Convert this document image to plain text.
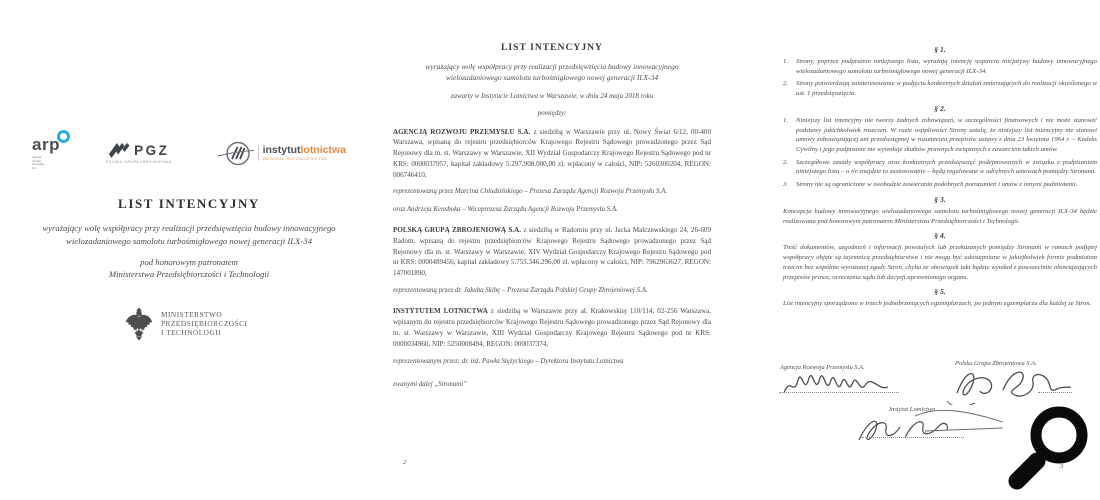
arp
agencja
rozwoju
przemysłu
S.A.
PGZ
POLSKA GRUPA ZBROJENIOWA
instytutlotnictwa
WARSZAWA, ROK ZAŁOŻENIA 1926
LIST INTENCYJNY
wyrażający wolę współpracy przy realizacji przedsięwzięcia budowy innowacyjnego wielozadaniowego samolotu turbośmigłowego nowej generacji ILX-34
pod honorowym patronatem
Ministerstwa Przedsiębiorczości i Technologii
MINISTERSTWO
PRZEDSIĘBIORCZOŚCI
I TECHNOLOGII
LIST INTENCYJNY
wyrażający wolę współpracy przy realizacji przedsięwzięcia budowy innowacyjnego wielozadaniowego samolotu turbośmigłowego nowej generacji ILX-34
zawarty w Instytucie Lotnictwa w Warszawie, w dniu 24 maja 2018 roku
pomiędzy:

AGENCJĄ ROZWOJU PRZEMYSŁU S.A. z siedzibą w Warszawie przy ul. Nowy Świat 6/12, 00-400 Warszawa, wpisaną do rejestru przedsiębiorców Krajowego Rejestru Sądowego prowadzonego przez Sąd Rejonowy dla m. st. Warszawy w Warszawie, XII Wydział Gospodarczy Krajowego Rejestru Sądowego pod nr KRS: 0000037957, kapitał zakładowy 5.297.908.000,00 zł, wpłacony w całości, NIP: 5260300204, REGON: 006746410,

reprezentowaną przez Marcina Chludzińskiego – Prezesa Zarządu Agencji Rozwoju Przemysłu S.A.

oraz Andrzeja Kensboka – Wiceprezesa Zarządu Agencji Rozwoju Przemysłu S.A.

POLSKĄ GRUPĄ ZBROJENIOWĄ S.A. z siedzibą w Radomiu przy ul. Jacka Malczewskiego 24, 26-609 Radom, wpisaną do rejestru przedsiębiorców Krajowego Rejestru Sądowego prowadzonego przez Sąd Rejonowy dla m. st. Warszawy w Warszawie, XIV Wydział Gospodarczy Krajowego Rejestru Sądowego pod nr KRS: 0000489456, kapitał zakładowy 5.755.346.296,00 zł, wpłacony w całości, NIP: 7962963627, REGON: 147001890,

reprezentowaną przez dr. Jakuba Skibę – Prezesa Zarządu Polskiej Grupy Zbrojeniowej S.A.

INSTYTUTEM LOTNICTWA z siedzibą w Warszawie przy al. Krakowskiej 110/114, 02-256 Warszawa, wpisanym do rejestru przedsiębiorców Krajowego Rejestru Sądowego prowadzonego przez Sąd Rejonowy dla m. st. Warszawy w Warszawie, XIII Wydział Gospodarczy Krajowego Rejestru Sądowego pod nr KRS: 0000034960, NIP: 5250008494, REGON: 000037374,

reprezentowanym przez: dr. inż. Pawła Stężyckiego – Dyrektora Instytutu Lotnictwa

zwanymi dalej „Stronami”

2
§ 1.
1. Strony, poprzez podpisanie niniejszego listu, wyrażają intencję wsparcia inicjatywy budowy innowacyjnego wielozadaniowego samolotu turbośmigłowego nowej generacji ILX-34.
2. Strony potwierdzają zainteresowanie w podjęciu konkretnych działań zmierzających do realizacji określonego w ust. 1 przedsięwzięcia.
§ 2.
1. Niniejszy list intencyjny nie tworzy żadnych zobowiązań, w szczególności finansowych i nie może stanowić podstawy jakichkolwiek roszczeń. W razie wątpliwości Strony ustalą, że niniejszy list intencyjny nie stanowi umowy zobowiązującej ani przedwstępnej w rozumieniu przepisów ustawy z dnia 23 kwietnia 1964 r. – Kodeks Cywilny i jego podpisanie nie wywołuje skutków prawnych związanych z zawarciem takich umów.
2. Szczegółowe zasady współpracy oraz konkretnych przedsięwzięć podejmowanych w związku z podpisaniem niniejszego listu – o ile znajdzie to zastosowanie – będą regulowane w odrębnych umowach pomiędzy Stronami.
3. Strony nie są ograniczone w swobodzie zawierania podobnych porozumień i umów z innymi podmiotami.
§ 3.
Koncepcja budowy innowacyjnego wielozadaniowego samolotu turbośmigłowego nowej generacji ILX-34 będzie realizowana pod honorowym patronatem Ministerstwa Przedsiębiorczości i Technologii.
§ 4.
Treść dokumentów, uzgodnień i informacji powstałych lub przekazanych pomiędzy Stronami w ramach podjętej współpracy objęte są tajemnicą przedsiębiorstwa i nie mogą być udostępniane w jakiejkolwiek formie podmiotom trzecim bez wspólnie wyrażonej zgody Stron, chyba że obowiązek taki będzie wynikał z powszechnie obowiązujących przepisów prawa, orzeczenia sądu lub decyzji uprawnionego organu.
§ 5.
List intencyjny sporządzono w trzech jednobrzmiących egzemplarzach, po jednym egzemplarzu dla każdej ze Stron.
Agencja Rozwoju Przemysłu S.A.
Polska Grupa Zbrojeniowa S.A.
Instytut Lotnictwa
3
